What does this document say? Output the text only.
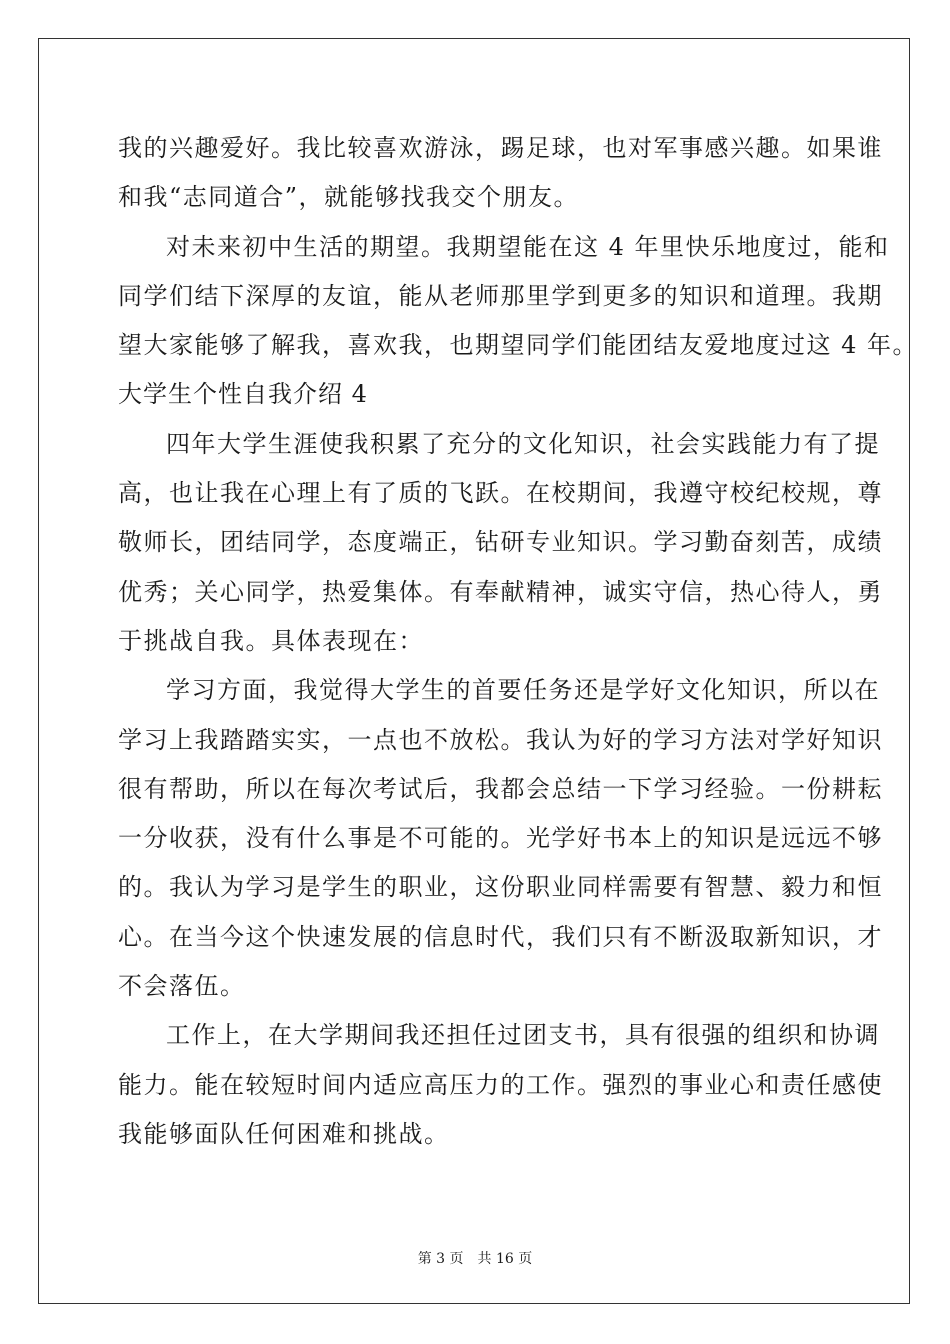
我的兴趣爱好。我比较喜欢游泳，踢足球，也对军事感兴趣。如果谁
和我“志同道合”，就能够找我交个朋友。
对未来初中生活的期望。我期望能在这 4 年里快乐地度过，能和
同学们结下深厚的友谊，能从老师那里学到更多的知识和道理。我期
望大家能够了解我，喜欢我，也期望同学们能团结友爱地度过这 4 年。
大学生个性自我介绍 4
四年大学生涯使我积累了充分的文化知识，社会实践能力有了提
高，也让我在心理上有了质的飞跃。在校期间，我遵守校纪校规，尊
敬师长，团结同学，态度端正，钻研专业知识。学习勤奋刻苦，成绩
优秀；关心同学，热爱集体。有奉献精神，诚实守信，热心待人，勇
于挑战自我。具体表现在：
学习方面，我觉得大学生的首要任务还是学好文化知识，所以在
学习上我踏踏实实，一点也不放松。我认为好的学习方法对学好知识
很有帮助，所以在每次考试后，我都会总结一下学习经验。一份耕耘
一分收获，没有什么事是不可能的。光学好书本上的知识是远远不够
的。我认为学习是学生的职业，这份职业同样需要有智慧、毅力和恒
心。在当今这个快速发展的信息时代，我们只有不断汲取新知识，才
不会落伍。
工作上，在大学期间我还担任过团支书，具有很强的组织和协调
能力。能在较短时间内适应高压力的工作。强烈的事业心和责任感使
我能够面队任何困难和挑战。
第 3 页　共 16 页
